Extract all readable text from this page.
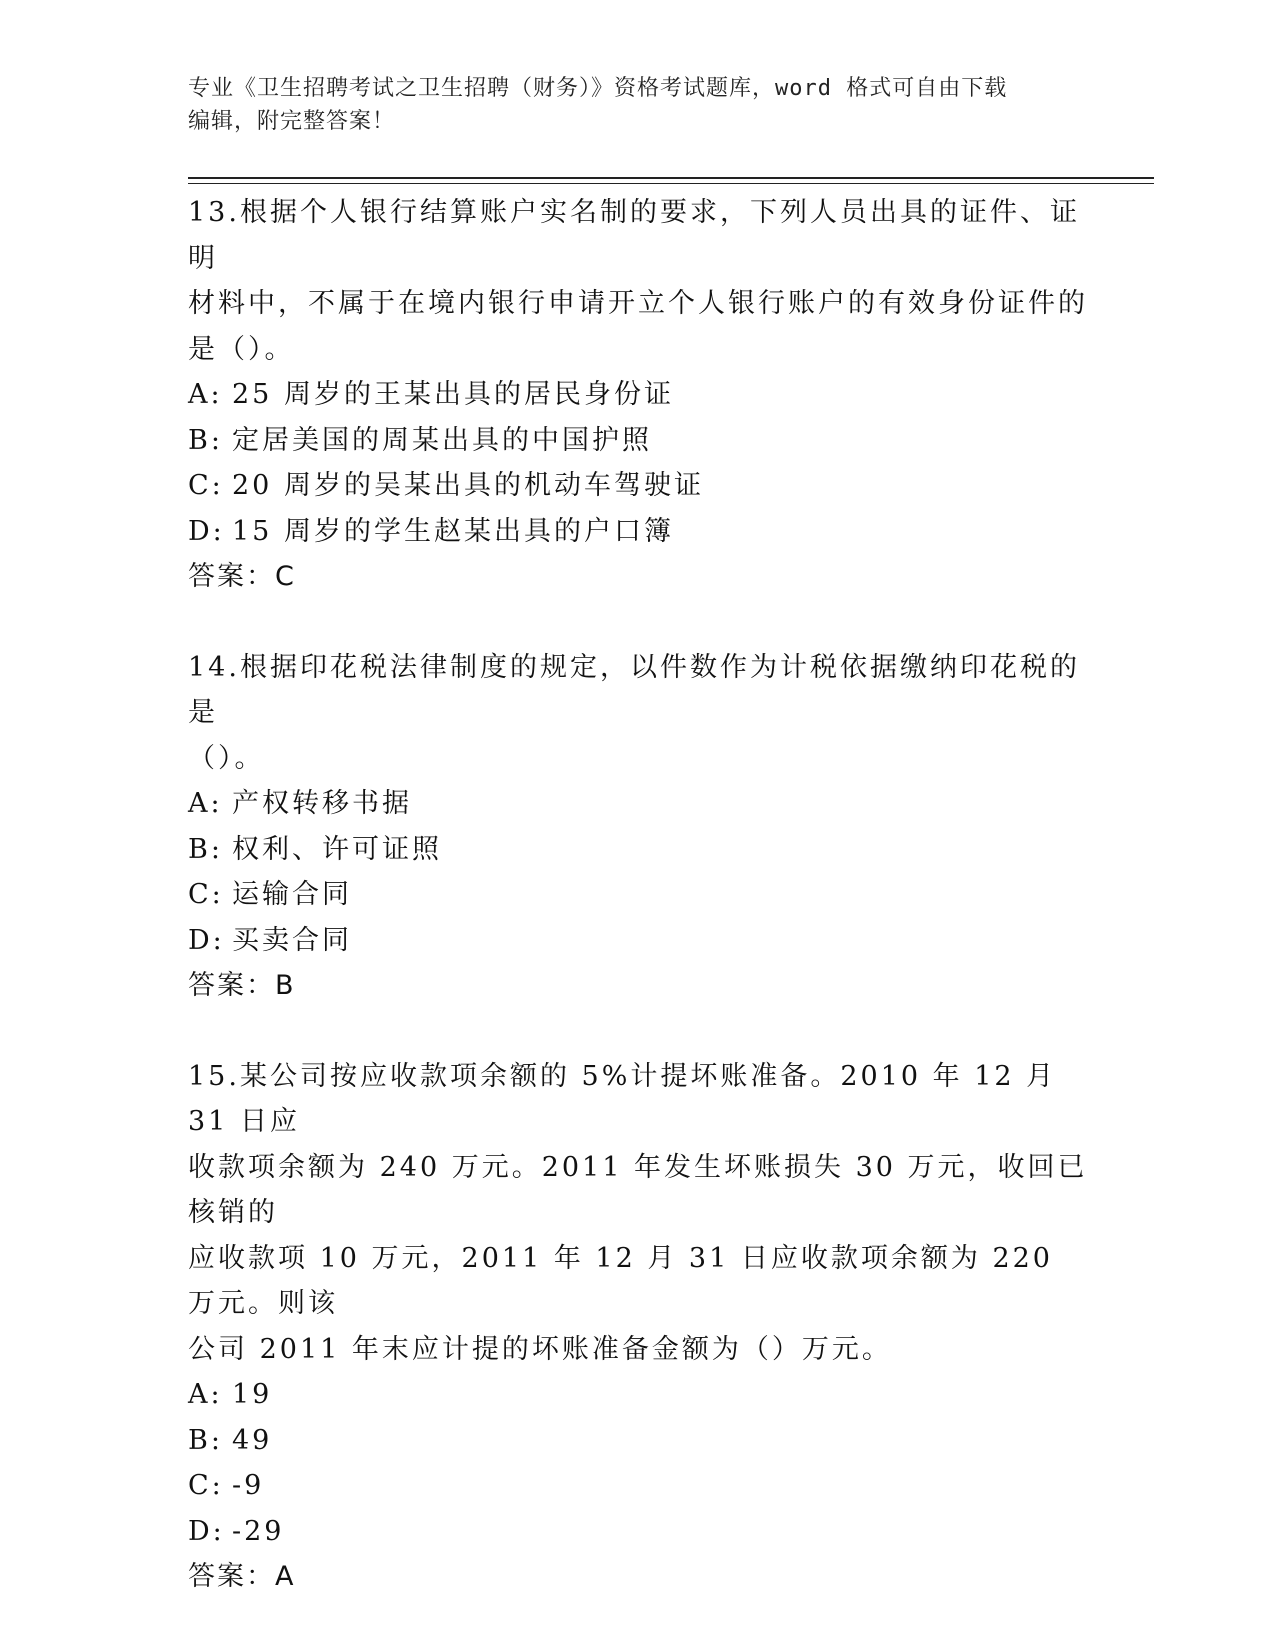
专业《卫生招聘考试之卫生招聘（财务）》资格考试题库，word 格式可自由下载
编辑，附完整答案！

13.根据个人银行结算账户实名制的要求，下列人员出具的证件、证明

材料中，不属于在境内银行申请开立个人银行账户的有效身份证件的

是（）。

A: 25 周岁的王某出具的居民身份证

B: 定居美国的周某出具的中国护照

C: 20 周岁的吴某出具的机动车驾驶证

D: 15 周岁的学生赵某出具的户口簿

答案：C

14.根据印花税法律制度的规定，以件数作为计税依据缴纳印花税的是

（）。

A: 产权转移书据

B: 权利、许可证照

C: 运输合同

D: 买卖合同

答案：B

15.某公司按应收款项余额的 5%计提坏账准备。2010 年 12 月 31 日应

收款项余额为 240 万元。2011 年发生坏账损失 30 万元，收回已核销的

应收款项 10 万元，2011 年 12 月 31 日应收款项余额为 220 万元。则该

公司 2011 年末应计提的坏账准备金额为（）万元。

A: 19

B: 49

C: -9

D: -29

答案：A
